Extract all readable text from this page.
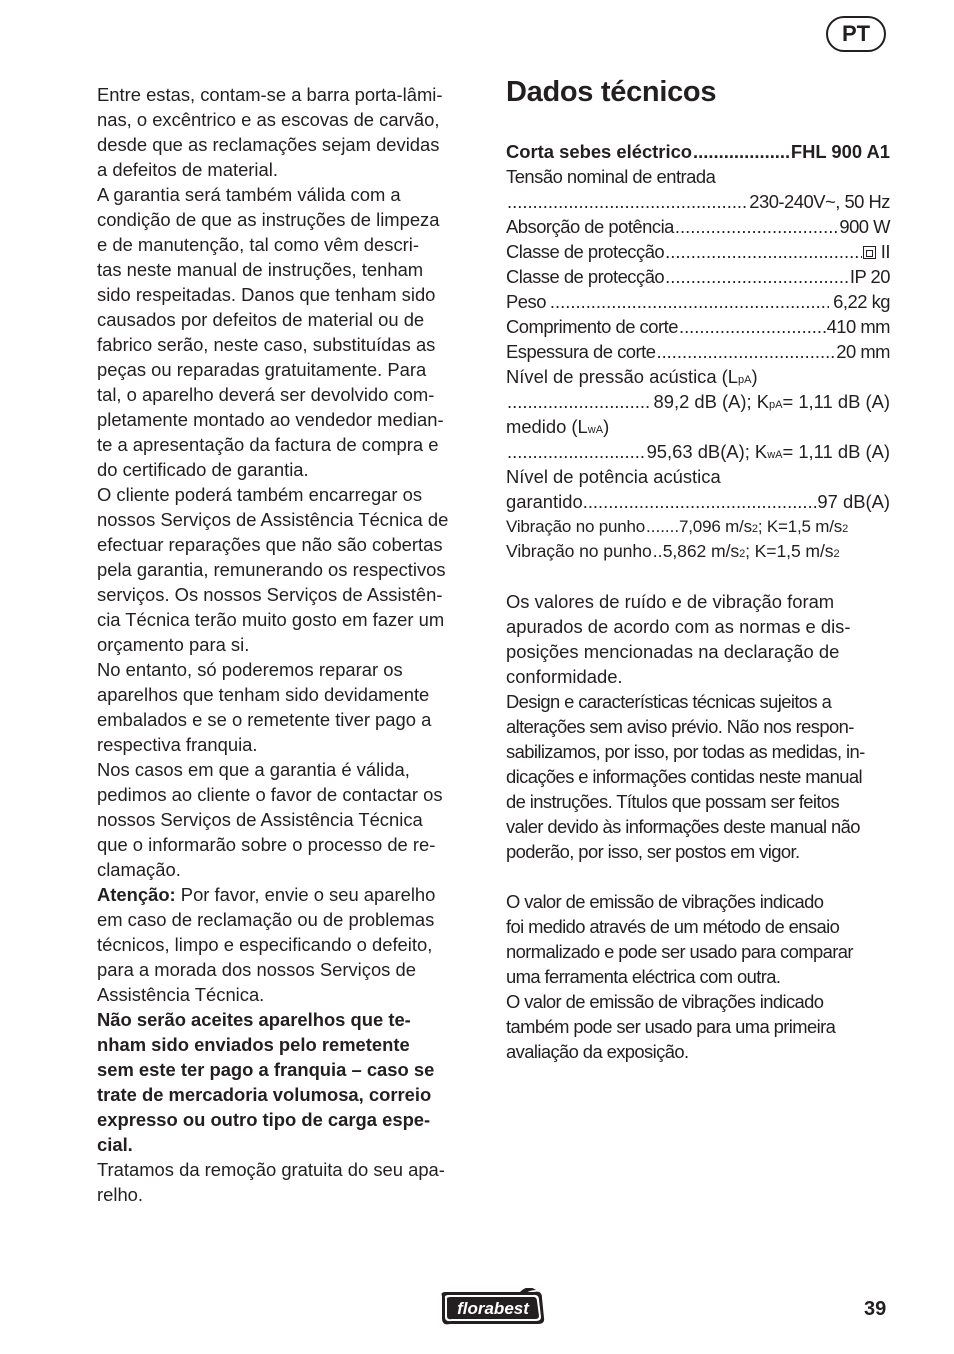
PT
Entre estas, contam-se a barra porta-lâmi-
nas, o excêntrico e as escovas de carvão,
desde que as reclamações sejam devidas
a defeitos de material.
A garantia será também válida com a
condição de que as instruções de limpeza
e de manutenção, tal como vêm descri-
tas neste manual de instruções, tenham
sido respeitadas. Danos que tenham sido
causados por defeitos de material ou de
fabrico serão, neste caso, substituídas as
peças ou reparadas gratuitamente. Para
tal, o aparelho deverá ser devolvido com-
pletamente montado ao vendedor median-
te a apresentação da factura de compra e
do certificado de garantia.
O cliente poderá também encarregar os
nossos Serviços de Assistência Técnica de
efectuar reparações que não são cobertas
pela garantia, remunerando os respectivos
serviços. Os nossos Serviços de Assistên-
cia Técnica terão muito gosto em fazer um
orçamento para si.
No entanto, só poderemos reparar os
aparelhos que tenham sido devidamente
embalados e se o remetente tiver pago a
respectiva franquia.
Nos casos em que a garantia é válida,
pedimos ao cliente o favor de contactar os
nossos Serviços de Assistência Técnica
que o informarão sobre o processo de re-
clamação.
Atenção: Por favor, envie o seu aparelho
em caso de reclamação ou de problemas
técnicos, limpo e especificando o defeito,
para a morada dos nossos Serviços de
Assistência Técnica.
Não serão aceites aparelhos que te-
nham sido enviados pelo remetente
sem este ter pago a franquia – caso se
trate de mercadoria volumosa, correio
expresso ou outro tipo de carga espe-
cial.
Tratamos da remoção gratuita do seu apa-
relho.
Dados técnicos
Corta sebes eléctrico .....	FHL 900 A1
Tensão nominal de entrada
.....
230-240V~, 50 Hz
Absorção de potência .....	900 W
Classe de protecção .....	II
Classe de protecção .....	IP 20
Peso .....	6,22 kg
Comprimento de corte .....	410 mm
Espessura de corte .....	20 mm
Nível de pressão acústica (L pA )
.....
89,2 dB (A); K pA = 1,11 dB (A)
medido (L wA )
.....
95,63 dB(A); K wA = 1,11 dB (A)
Nível de potência acústica
garantido .....	97 dB(A)
Vibração no punho ..... 7,096 m/s 2 ; K=1,5 m/s 2
Vibração no punho ..... 5,862 m/s 2 ; K=1,5 m/s 2
Os valores de ruído e de vibração foram
apurados de acordo com as normas e dis-
posições mencionadas na declaração de
conformidade.
Design e características técnicas sujeitos a
alterações sem aviso prévio. Não nos respon-
sabilizamos, por isso, por todas as medidas, in-
dicações e informações contidas neste manual
de instruções. Títulos que possam ser feitos
valer devido às informações deste manual não
poderão, por isso, ser postos em vigor.
O valor de emissão de vibrações indicado
foi medido através de um método de ensaio
normalizado e pode ser usado para comparar
uma ferramenta eléctrica com outra.
O valor de emissão de vibrações indicado
também pode ser usado para uma primeira
avaliação da exposição.
florabest	39
